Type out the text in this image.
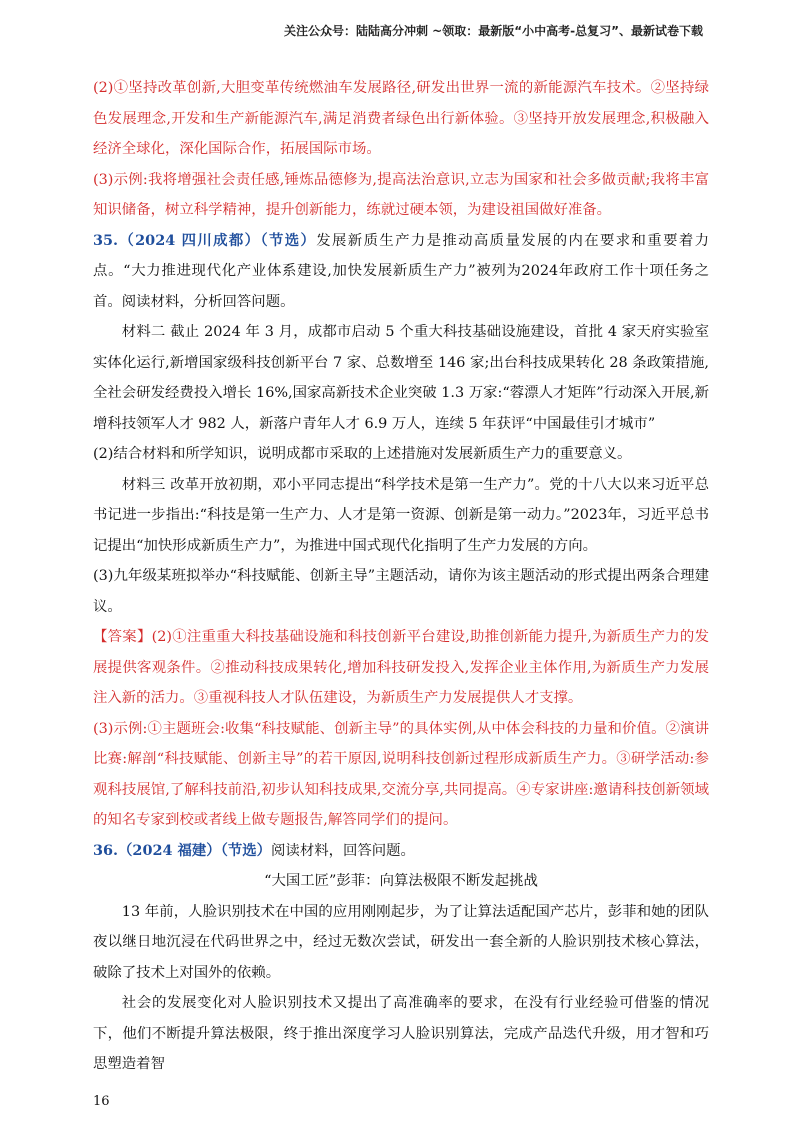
关注公众号：陆陆高分冲刺 ~领取：最新版“小中高考-总复习”、最新试卷下载

(2)①坚持改革创新,大胆变革传统燃油车发展路径,研发出世界一流的新能源汽车技术。②坚持绿色发展理念,开发和生产新能源汽车,满足消费者绿色出行新体验。③坚持开放发展理念,积极融入经济全球化，深化国际合作，拓展国际市场。

(3)示例:我将增强社会责任感,锤炼品德修为,提高法治意识,立志为国家和社会多做贡献;我将丰富知识储备，树立科学精神，提升创新能力，练就过硬本领，为建设祖国做好准备。

35.（2024 四川成都）（节选）发展新质生产力是推动高质量发展的内在要求和重要着力点。“大力推进现代化产业体系建设,加快发展新质生产力”被列为2024年政府工作十项任务之首。阅读材料，分析回答问题。

材料二 截止 2024 年 3 月，成都市启动 5 个重大科技基础设施建设，首批 4 家天府实验室实体化运行,新增国家级科技创新平台 7 家、总数增至 146 家;出台科技成果转化 28 条政策措施,全社会研发经费投入增长 16%,国家高新技术企业突破 1.3 万家:“蓉漂人才矩阵”行动深入开展,新增科技领军人才 982 人，新落户青年人才 6.9 万人，连续 5 年获评“中国最佳引才城市”

(2)结合材料和所学知识，说明成都市采取的上述措施对发展新质生产力的重要意义。

材料三 改革开放初期，邓小平同志提出“科学技术是第一生产力”。党的十八大以来习近平总书记进一步指出:“科技是第一生产力、人才是第一资源、创新是第一动力。”2023年，习近平总书记提出“加快形成新质生产力”，为推进中国式现代化指明了生产力发展的方向。

(3)九年级某班拟举办“科技赋能、创新主导”主题活动，请你为该主题活动的形式提出两条合理建议。

【答案】(2)①注重重大科技基础设施和科技创新平台建设,助推创新能力提升,为新质生产力的发展提供客观条件。②推动科技成果转化,增加科技研发投入,发挥企业主体作用,为新质生产力发展注入新的活力。③重视科技人才队伍建设，为新质生产力发展提供人才支撑。

(3)示例:①主题班会:收集“科技赋能、创新主导”的具体实例,从中体会科技的力量和价值。②演讲比赛:解剖“科技赋能、创新主导”的若干原因,说明科技创新过程形成新质生产力。③研学活动:参观科技展馆,了解科技前沿,初步认知科技成果,交流分享,共同提高。④专家讲座:邀请科技创新领域的知名专家到校或者线上做专题报告,解答同学们的提问。

36.（2024 福建）（节选）阅读材料，回答问题。

“大国工匠”彭菲：向算法极限不断发起挑战

13 年前，人脸识别技术在中国的应用刚刚起步，为了让算法适配国产芯片，彭菲和她的团队夜以继日地沉浸在代码世界之中，经过无数次尝试，研发出一套全新的人脸识别技术核心算法，破除了技术上对国外的依赖。

社会的发展变化对人脸识别技术又提出了高准确率的要求，在没有行业经验可借鉴的情况下，他们不断提升算法极限，终于推出深度学习人脸识别算法，完成产品迭代升级，用才智和巧思塑造着智

16
